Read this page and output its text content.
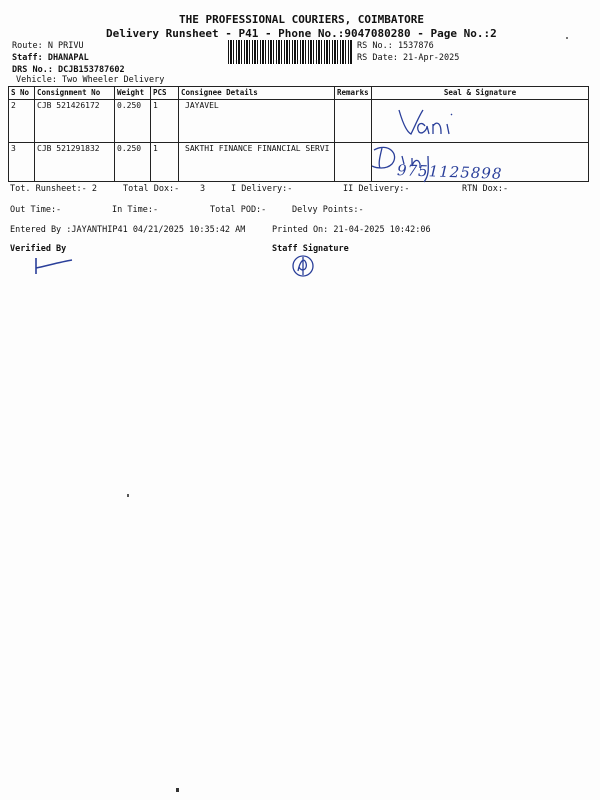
THE PROFESSIONAL COURIERS, COIMBATORE
Delivery Runsheet - P41 - Phone No.:9047080280 - Page No.:2
Route: N PRIVU
Staff: DHANAPAL
DRS No.: DCJB153787602
Vehicle: Two Wheeler Delivery
RS No.: 1537876
RS Date: 21-Apr-2025
S No	Consignment No	Weight	PCS	Consignee Details	Remarks	Seal & Signature
2	CJB 521426172	0.250	1	JAYAVEL		
3	CJB 521291832	0.250	1	SAKTHI FINANCE FINANCIAL SERVI		
9751125898
Tot. Runsheet:- 2	Total Dox:- 3	I Delivery:-	II Delivery:-	RTN Dox:-
Out Time:-	In Time:-	Total POD:-	Delvy Points:-
Entered By :JAYANTHIP41 04/21/2025 10:35:42 AM	Printed On: 21-04-2025 10:42:06
Verified By	Staff Signature
